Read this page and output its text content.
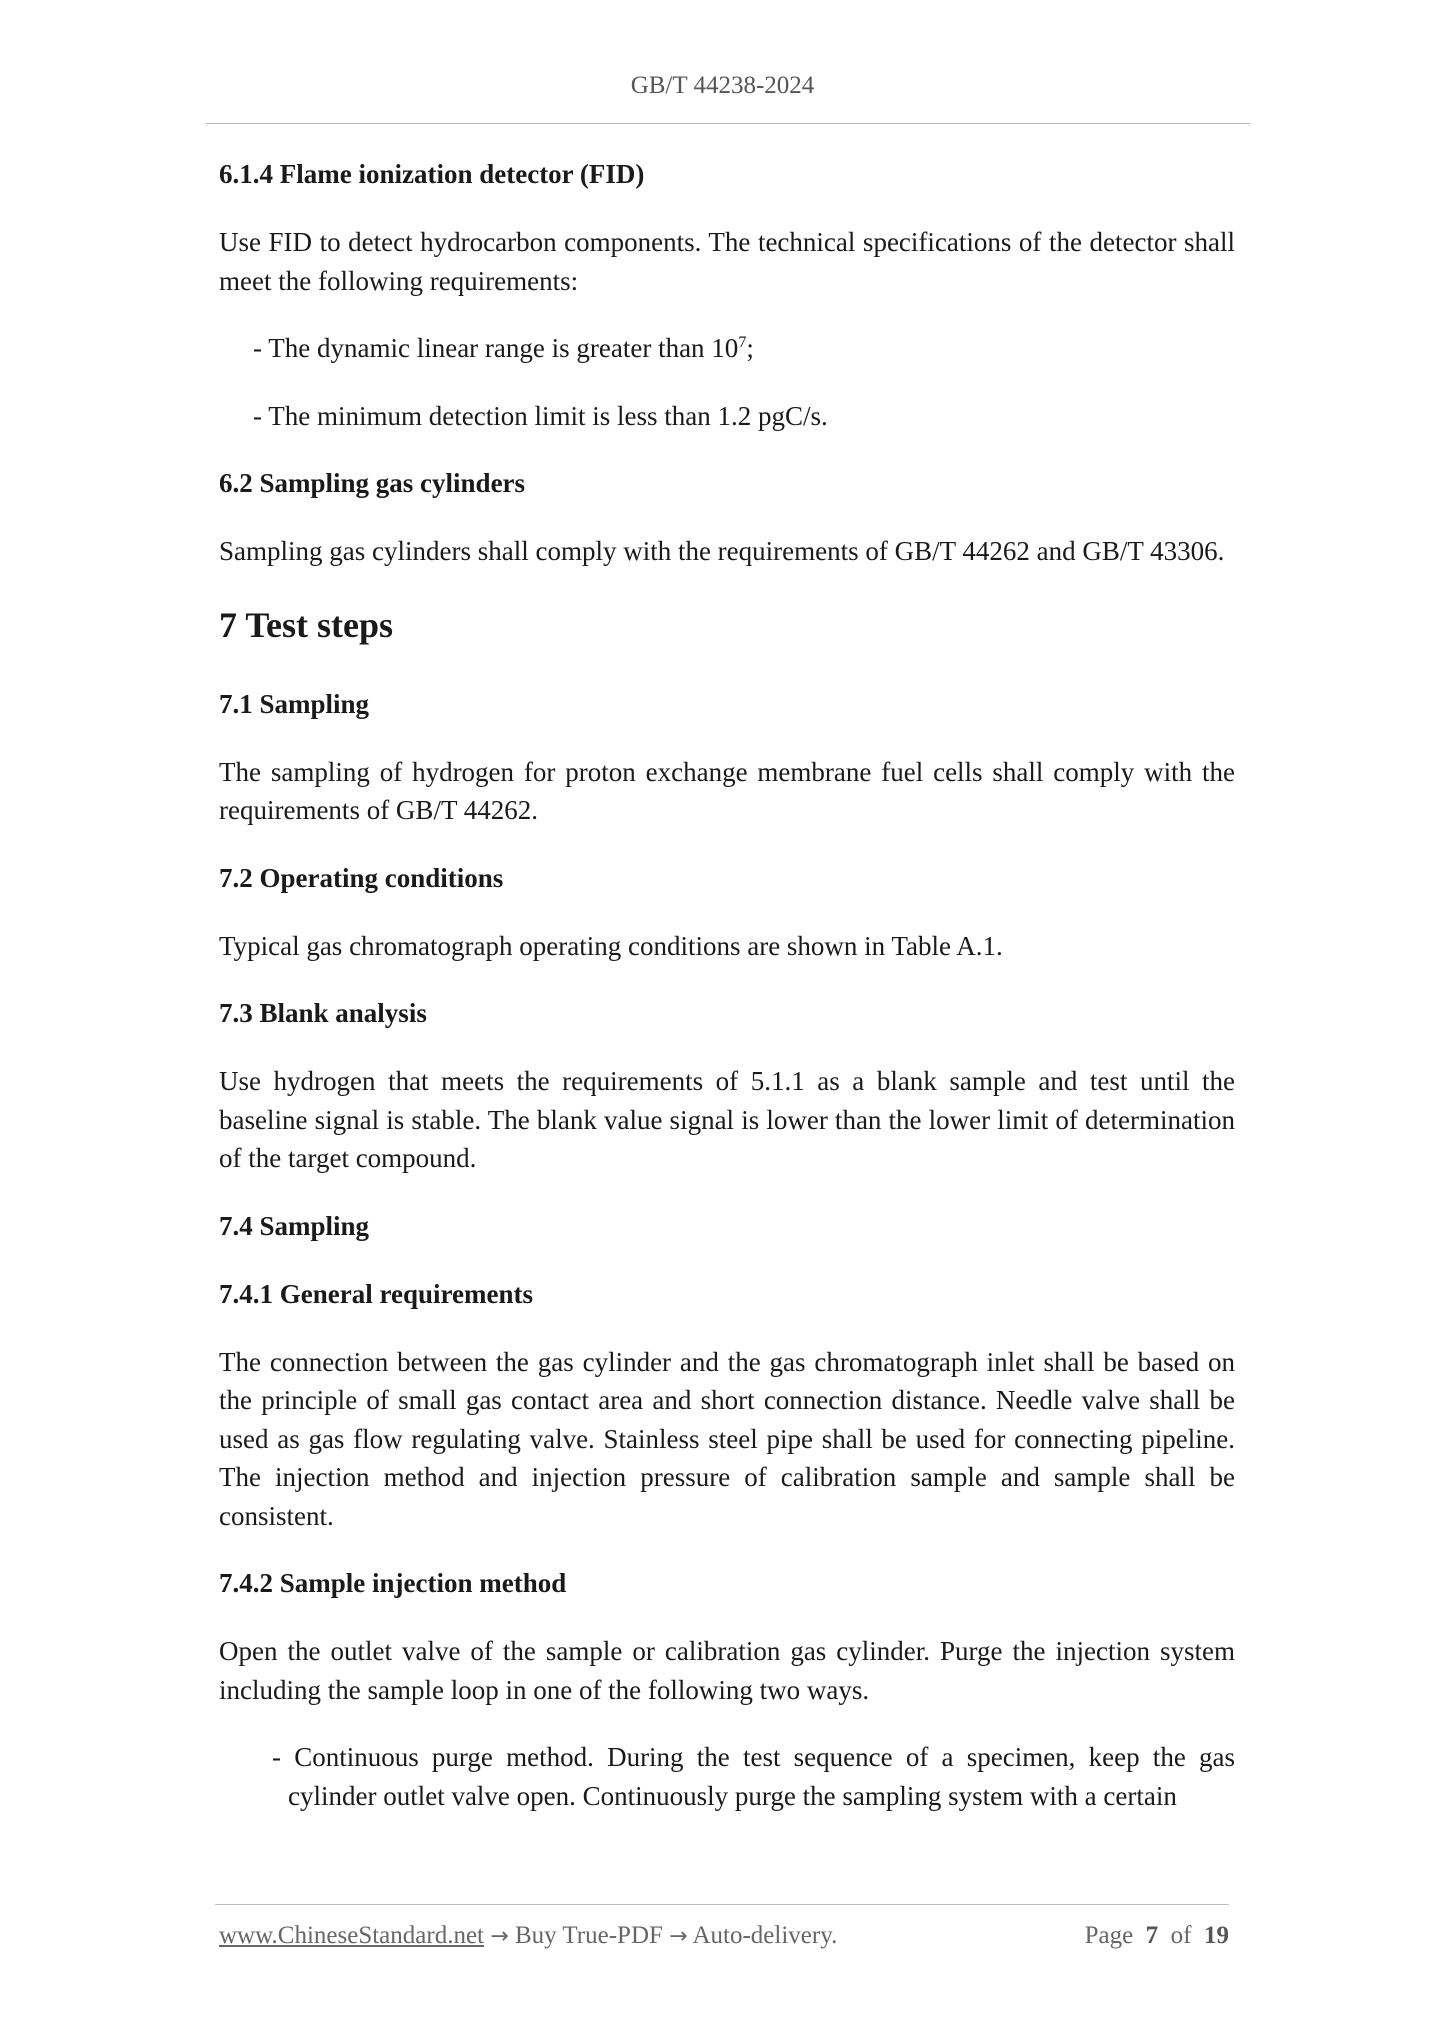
GB/T 44238-2024
6.1.4 Flame ionization detector (FID)

Use FID to detect hydrocarbon components. The technical specifications of the detector shall meet the following requirements:

- The dynamic linear range is greater than $10^7$;
- The minimum detection limit is less than 1.2 pgC/s.
6.2 Sampling gas cylinders

Sampling gas cylinders shall comply with the requirements of GB/T 44262 and GB/T 43306.

7 Test steps
7.1 Sampling

The sampling of hydrogen for proton exchange membrane fuel cells shall comply with the requirements of GB/T 44262.

7.2 Operating conditions

Typical gas chromatograph operating conditions are shown in Table A.1.

7.3 Blank analysis

Use hydrogen that meets the requirements of 5.1.1 as a blank sample and test until the baseline signal is stable. The blank value signal is lower than the lower limit of determination of the target compound.

7.4 Sampling
7.4.1 General requirements

The connection between the gas cylinder and the gas chromatograph inlet shall be based on the principle of small gas contact area and short connection distance. Needle valve shall be used as gas flow regulating valve. Stainless steel pipe shall be used for connecting pipeline. The injection method and injection pressure of calibration sample and sample shall be consistent.

7.4.2 Sample injection method

Open the outlet valve of the sample or calibration gas cylinder. Purge the injection system including the sample loop in one of the following two ways.

- Continuous purge method. During the test sequence of a specimen, keep the gas cylinder outlet valve open. Continuously purge the sampling system with a certain
www.ChineseStandard.net → Buy True-PDF → Auto-delivery.	Page 7 of 19
